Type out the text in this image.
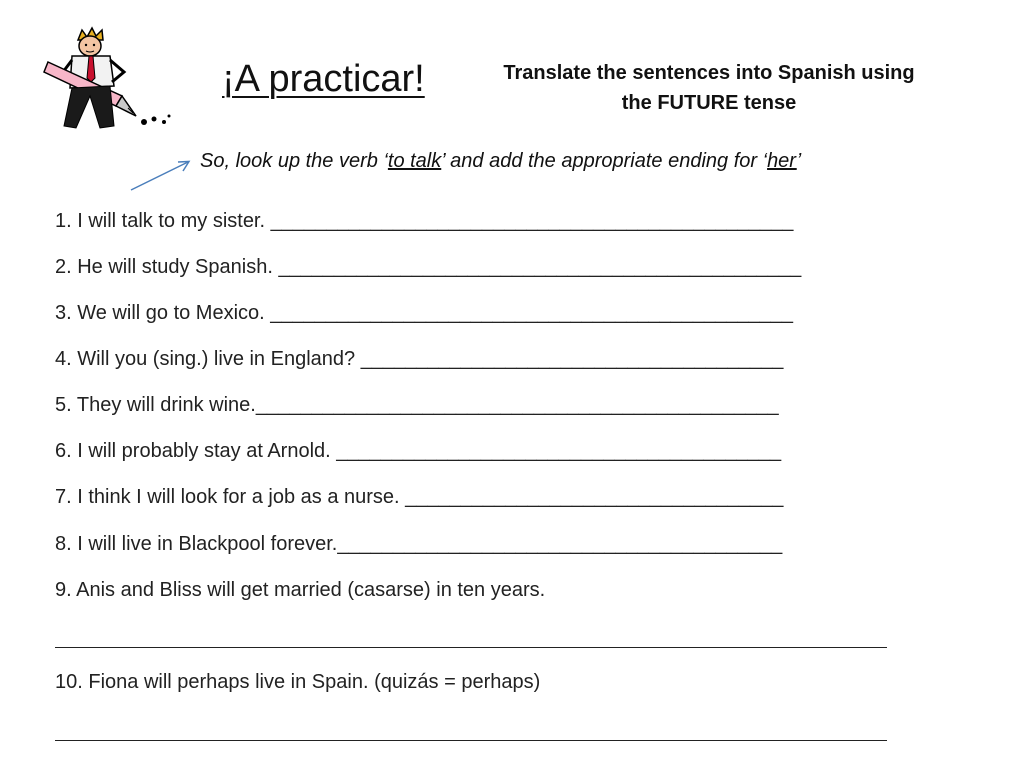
¡A practicar!	Translate the sentences into Spanish using
the FUTURE tense
So, look up the verb ‘to talk’ and add the appropriate ending for ‘her’
1. I will talk to my sister. _______________________________________________
2. He will study Spanish. _______________________________________________
3. We will go to Mexico. _______________________________________________
4. Will you (sing.) live in England? ______________________________________
5. They will drink wine._______________________________________________
6. I will probably stay at Arnold. ________________________________________
7. I think I will look for a job as a nurse. __________________________________
8. I will live in Blackpool forever.________________________________________
9. Anis and Bliss will get married (casarse) in ten years.
10. Fiona will perhaps live in Spain. (quizás = perhaps)
